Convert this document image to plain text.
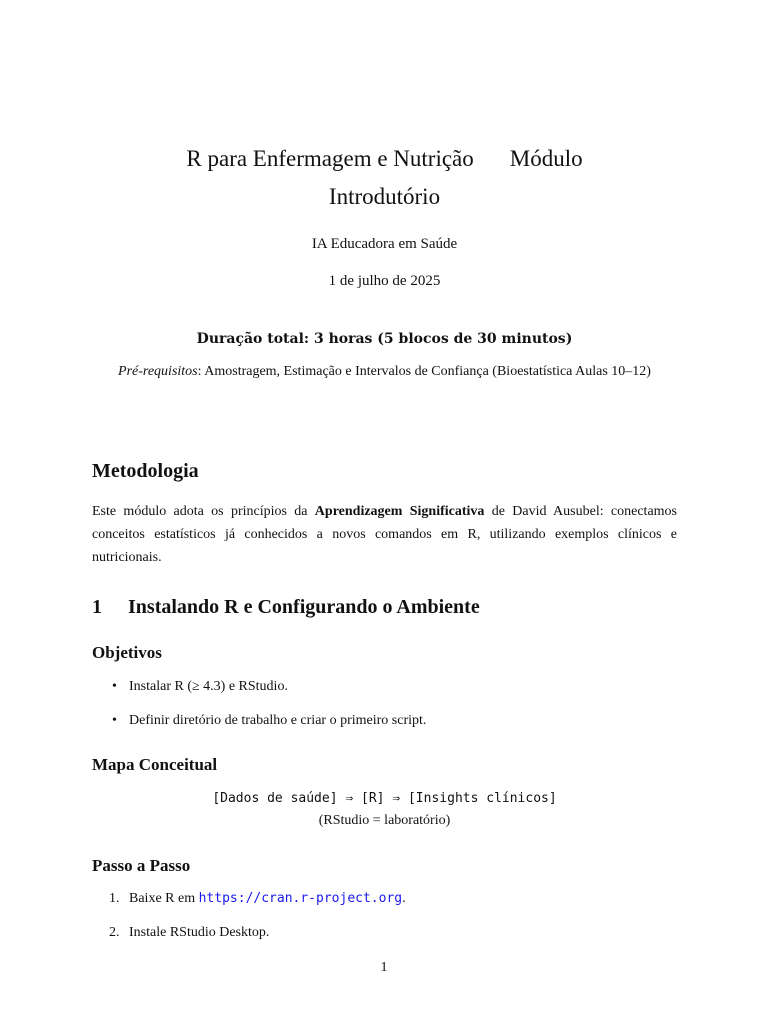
R para Enfermagem e Nutrição Módulo
Introdutório
IA Educadora em Saúde
1 de julho de 2025
Duração total: 3 horas (5 blocos de 30 minutos)
Pré-requisitos: Amostragem, Estimação e Intervalos de Confiança (Bioestatística Aulas 10–12)
Metodologia
Este módulo adota os princípios da Aprendizagem Significativa de David Ausubel: conectamos conceitos estatísticos já conhecidos a novos comandos em R, utilizando exemplos clínicos e nutricionais.
1 Instalando R e Configurando o Ambiente
Objetivos
• Instalar R (≥ 4.3) e RStudio.
• Definir diretório de trabalho e criar o primeiro script.
Mapa Conceitual
[Dados de saúde] ⇒ [R] ⇒ [Insights clínicos]
(RStudio = laboratório)
Passo a Passo
1. Baixe R em https://cran.r-project.org.
2. Instale RStudio Desktop.
1
